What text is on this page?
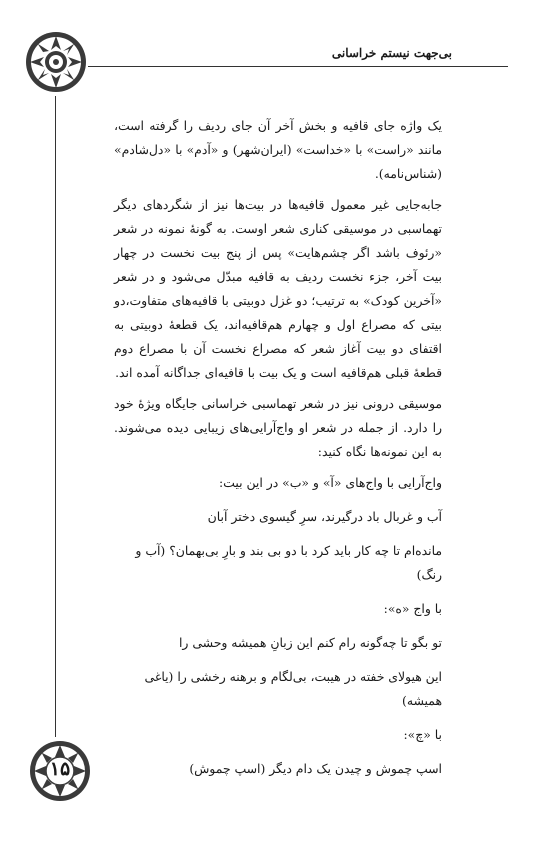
بی‌جهت نیستم خراسانی

یک واژه جای قافیه و بخش آخر آن جای ردیف را گرفته است، مانند «راست» با «خداست» (ایران‌شهر) و «آدم» با «دل‌شادم» (شناس‌نامه).

جابه‌جایی غیر معمول قافیه‌ها در بیت‌ها نیز از شگردهای دیگر تهماسبی در موسیقی کناری شعر اوست. به گونهٔ نمونه در شعر «رئوف باشد اگر چشم‌هایت» پس از پنج بیت نخست در چهار بیت آخر، جزء نخست ردیف به قافیه مبدّل می‌شود و در شعر «آخرین کودک» به ترتیب؛ دو غزل دوبیتی با قافیه‌های متفاوت،دو بیتی که مصراع اول و چهارم هم‌قافیه‌اند، یک قطعهٔ دوبیتی به اقتفای دو بیت آغاز شعر که مصراع نخست آن با مصراع دوم قطعهٔ قبلی هم‌قافیه است و یک بیت با قافیه‌ای جداگانه آمده اند.

موسیقی درونی نیز در شعر تهماسبی خراسانی جایگاه ویژهٔ خود را دارد. از جمله در شعر او واج‌آرایی‌های زیبایی دیده می‌شوند. به این نمونه‌ها نگاه کنید:

واج‌آرایی با واج‌های «آ» و «ب» در این بیت:

آب و غربال باد درگیرند، سرِ گیسوی دختر آبان

مانده‌ام تا چه کار باید کرد با دو بی بند و بارِ بی‌بهمان؟ (آب و رنگ)

با واج «ه»:

تو بگو تا چه‌گونه رام کنم این زبانِ همیشه وحشی را

این هیولای خفته در هیبت، بی‌لگام و برهنه رخشی را (یاغی همیشه)

با «چ»:

اسپ چموش و چیدن یک دام دیگر (اسپ چموش)

۱۵
